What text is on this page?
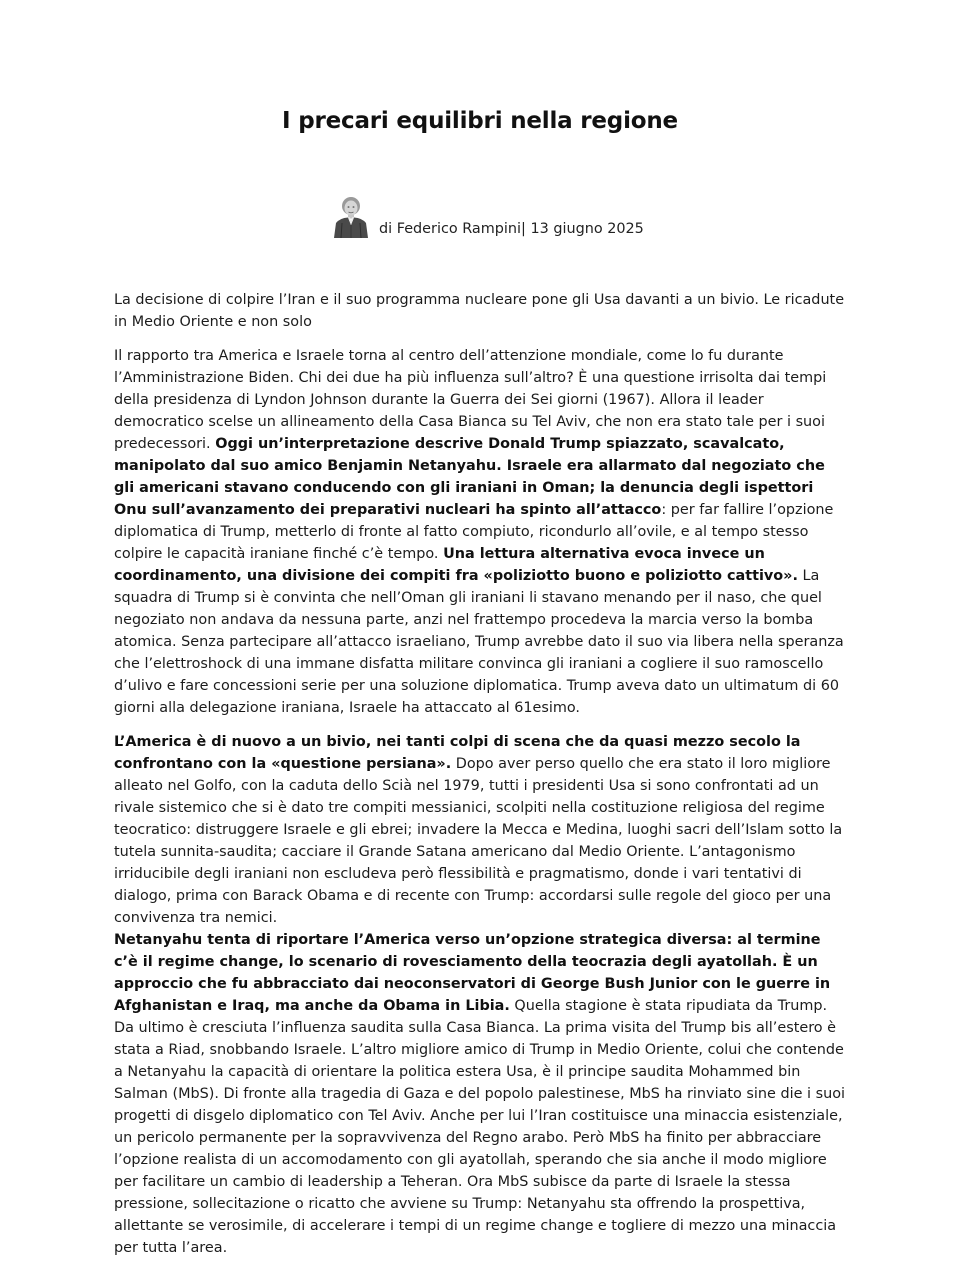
I precari equilibri nella regione
di Federico Rampini| 13 giugno 2025

La decisione di colpire l’Iran e il suo programma nucleare pone gli Usa davanti a un bivio. Le ricadute in Medio Oriente e non solo

Il rapporto tra America e Israele torna al centro dell’attenzione mondiale, come lo fu durante l’Amministrazione Biden. Chi dei due ha più influenza sull’altro? È una questione irrisolta dai tempi della presidenza di Lyndon Johnson durante la Guerra dei Sei giorni (1967). Allora il leader democratico scelse un allineamento della Casa Bianca su Tel Aviv, che non era stato tale per i suoi predecessori. Oggi un’interpretazione descrive Donald Trump spiazzato, scavalcato, manipolato dal suo amico Benjamin Netanyahu. Israele era allarmato dal negoziato che gli americani stavano conducendo con gli iraniani in Oman; la denuncia degli ispettori Onu sull’avanzamento dei preparativi nucleari ha spinto all’attacco: per far fallire l’opzione diplomatica di Trump, metterlo di fronte al fatto compiuto, ricondurlo all’ovile, e al tempo stesso colpire le capacità iraniane finché c’è tempo. Una lettura alternativa evoca invece un coordinamento, una divisione dei compiti fra «poliziotto buono e poliziotto cattivo». La squadra di Trump si è convinta che nell’Oman gli iraniani li stavano menando per il naso, che quel negoziato non andava da nessuna parte, anzi nel frattempo procedeva la marcia verso la bomba atomica. Senza partecipare all’attacco israeliano, Trump avrebbe dato il suo via libera nella speranza che l’elettroshock di una immane disfatta militare convinca gli iraniani a cogliere il suo ramoscello d’ulivo e fare concessioni serie per una soluzione diplomatica. Trump aveva dato un ultimatum di 60 giorni alla delegazione iraniana, Israele ha attaccato al 61esimo.

L’America è di nuovo a un bivio, nei tanti colpi di scena che da quasi mezzo secolo la confrontano con la «questione persiana». Dopo aver perso quello che era stato il loro migliore alleato nel Golfo, con la caduta dello Scià nel 1979, tutti i presidenti Usa si sono confrontati ad un rivale sistemico che si è dato tre compiti messianici, scolpiti nella costituzione religiosa del regime teocratico: distruggere Israele e gli ebrei; invadere la Mecca e Medina, luoghi sacri dell’Islam sotto la tutela sunnita-saudita; cacciare il Grande Satana americano dal Medio Oriente. L’antagonismo irriducibile degli iraniani non escludeva però flessibilità e pragmatismo, donde i vari tentativi di dialogo, prima con Barack Obama e di recente con Trump: accordarsi sulle regole del gioco per una convivenza tra nemici.

Netanyahu tenta di riportare l’America verso un’opzione strategica diversa: al termine c’è il regime change, lo scenario di rovesciamento della teocrazia degli ayatollah. È un approccio che fu abbracciato dai neoconservatori di George Bush Junior con le guerre in Afghanistan e Iraq, ma anche da Obama in Libia. Quella stagione è stata ripudiata da Trump. Da ultimo è cresciuta l’influenza saudita sulla Casa Bianca. La prima visita del Trump bis all’estero è stata a Riad, snobbando Israele. L’altro migliore amico di Trump in Medio Oriente, colui che contende a Netanyahu la capacità di orientare la politica estera Usa, è il principe saudita Mohammed bin Salman (MbS). Di fronte alla tragedia di Gaza e del popolo palestinese, MbS ha rinviato sine die i suoi progetti di disgelo diplomatico con Tel Aviv. Anche per lui l’Iran costituisce una minaccia esistenziale, un pericolo permanente per la sopravvivenza del Regno arabo. Però MbS ha finito per abbracciare l’opzione realista di un accomodamento con gli ayatollah, sperando che sia anche il modo migliore per facilitare un cambio di leadership a Teheran. Ora MbS subisce da parte di Israele la stessa pressione, sollecitazione o ricatto che avviene su Trump: Netanyahu sta offrendo la prospettiva, allettante se verosimile, di accelerare i tempi di un regime change e togliere di mezzo una minaccia per tutta l’area.
